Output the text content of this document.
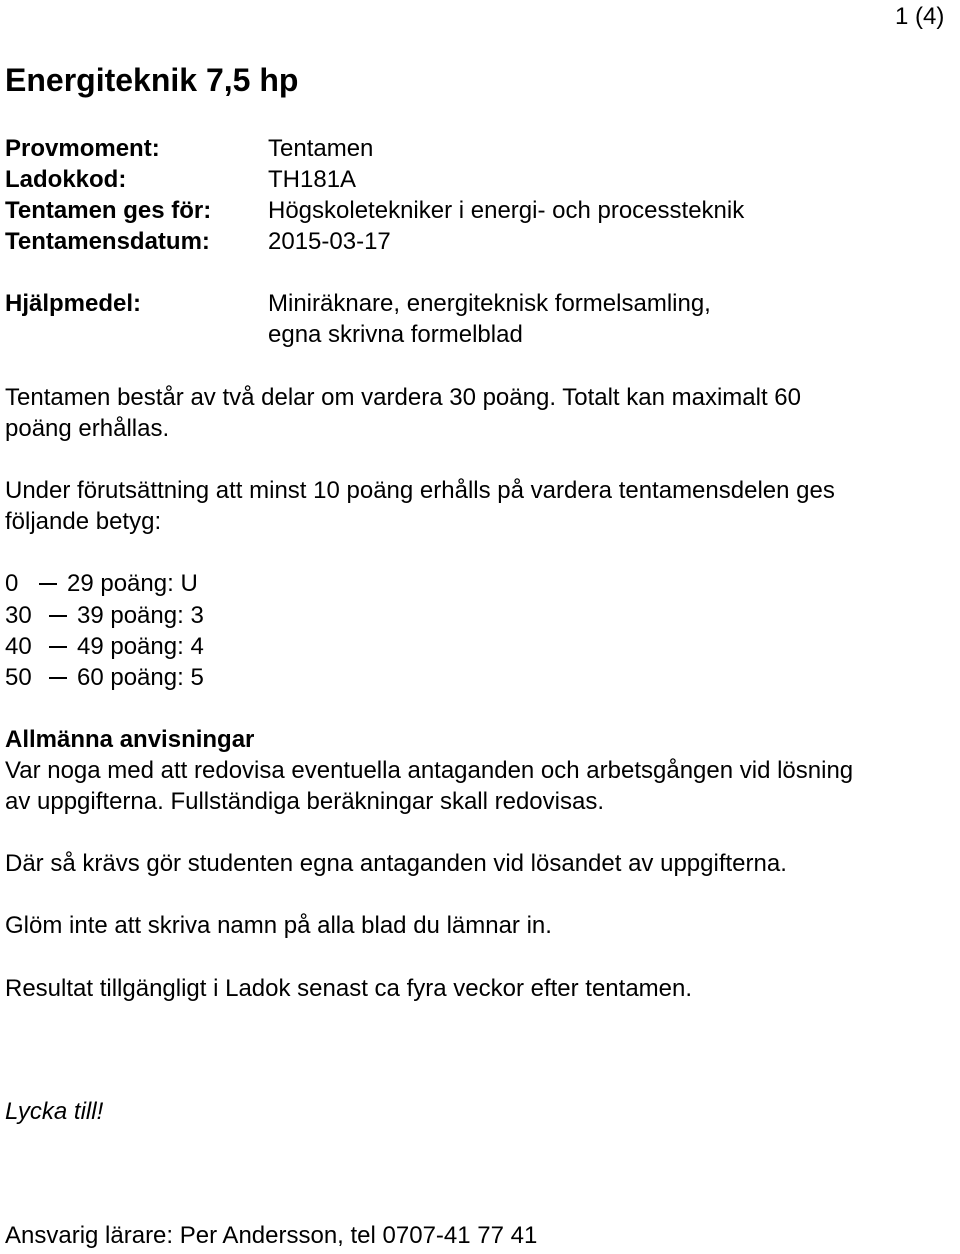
1 (4)
Energiteknik 7,5 hp
Provmoment:	Tentamen
Ladokkod:	TH181A
Tentamen ges för: Högskoletekniker i energi- och processteknik
Tentamensdatum: 2015-03-17
Hjälpmedel:	Miniräknare, energiteknisk formelsamling,
egna skrivna formelblad
Tentamen består av två delar om vardera 30 poäng. Totalt kan maximalt 60
poäng erhållas.
Under förutsättning att minst 10 poäng erhålls på vardera tentamensdelen ges
följande betyg:
0 29 poäng: U
30 39 poäng: 3
40 49 poäng: 4
50 60 poäng: 5
Allmänna anvisningar
Var noga med att redovisa eventuella antaganden och arbetsgången vid lösning
av uppgifterna. Fullständiga beräkningar skall redovisas.
Där så krävs gör studenten egna antaganden vid lösandet av uppgifterna.
Glöm inte att skriva namn på alla blad du lämnar in.
Resultat tillgängligt i Ladok senast ca fyra veckor efter tentamen.
Lycka till!
Ansvarig lärare: Per Andersson, tel 0707-41 77 41
